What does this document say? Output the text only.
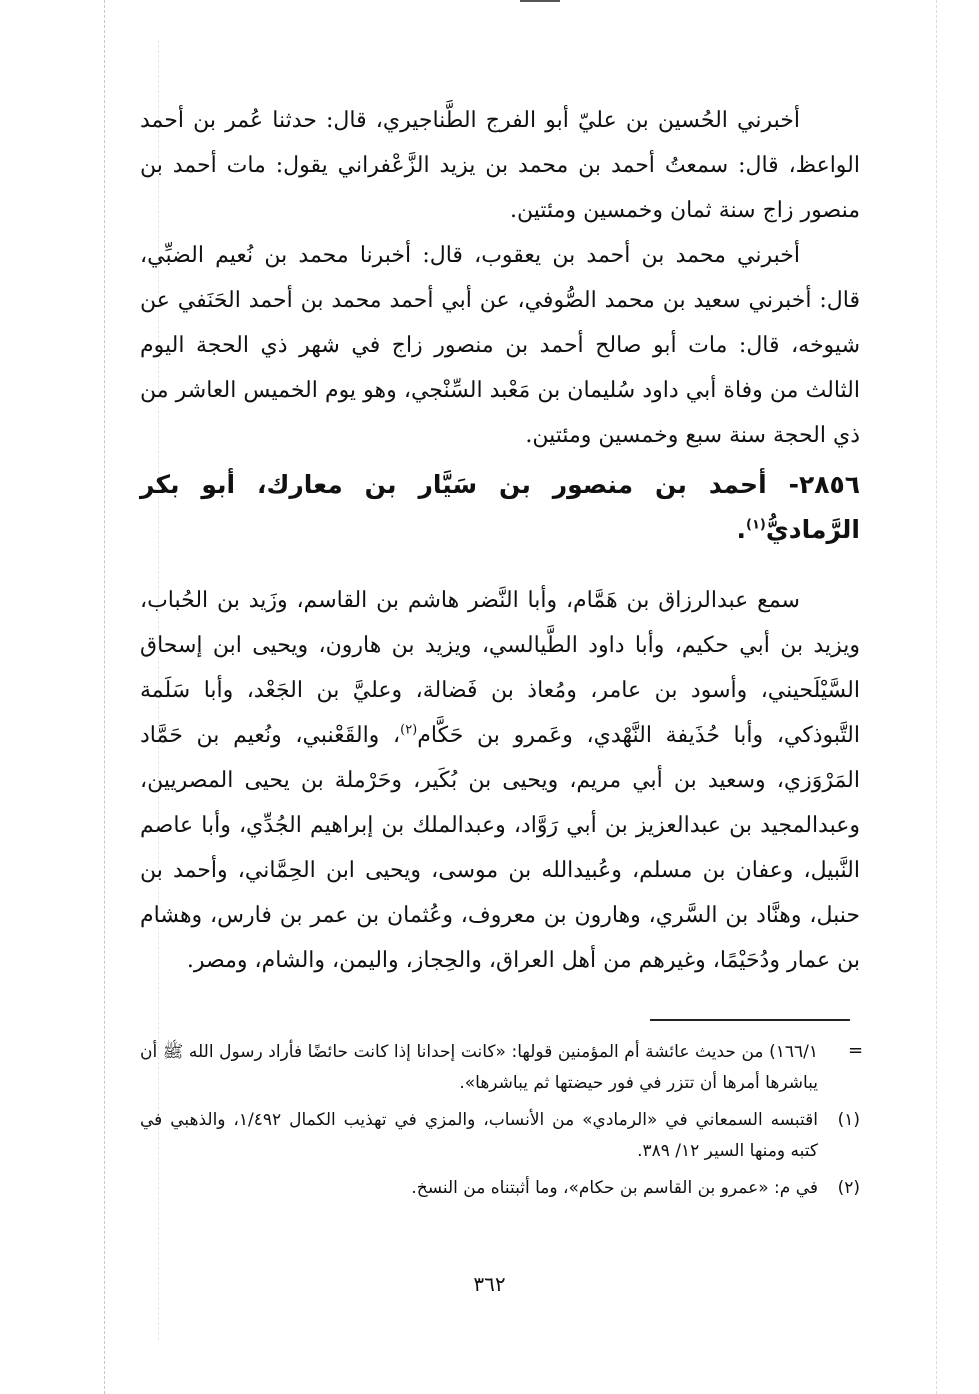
أخبرني الحُسين بن عليّ أبو الفرج الطَّناجيري، قال: حدثنا عُمر بن أحمد الواعظ، قال: سمعتُ أحمد بن محمد بن يزيد الزَّعْفراني يقول: مات أحمد بن منصور زاج سنة ثمان وخمسين ومئتين.

أخبرني محمد بن أحمد بن يعقوب، قال: أخبرنا محمد بن نُعيم الضبِّي، قال: أخبرني سعيد بن محمد الصُّوفي، عن أبي أحمد محمد بن أحمد الحَنَفي عن شيوخه، قال: مات أبو صالح أحمد بن منصور زاج في شهر ذي الحجة اليوم الثالث من وفاة أبي داود سُليمان بن مَعْبد السِّنْجي، وهو يوم الخميس العاشر من ذي الحجة سنة سبع وخمسين ومئتين.

٢٨٥٦- أحمد بن منصور بن سَيَّار بن معارك، أبو بكر الرَّماديُّ$^{(١)}$.

سمع عبدالرزاق بن هَمَّام، وأبا النَّضر هاشم بن القاسم، وزَيد بن الحُباب، ويزيد بن أبي حكيم، وأبا داود الطَّيالسي، ويزيد بن هارون، ويحيى ابن إسحاق السَّيْلَحيني، وأسود بن عامر، ومُعاذ بن فَضالة، وعليَّ بن الجَعْد، وأبا سَلَمة التَّبوذكي، وأبا حُذَيفة النَّهْدي، وعَمرو بن حَكَّام$^{(٢)}$، والقَعْنبي، ونُعيم بن حَمَّاد المَرْوَزي، وسعيد بن أبي مريم، ويحيى بن بُكَير، وحَرْملة بن يحيى المصريين، وعبدالمجيد بن عبدالعزيز بن أبي رَوَّاد، وعبدالملك بن إبراهيم الجُدِّي، وأبا عاصم النَّبيل، وعفان بن مسلم، وعُبيدالله بن موسى، ويحيى ابن الحِمَّاني، وأحمد بن حنبل، وهنَّاد بن السَّري، وهارون بن معروف، وعُثمان بن عمر بن فارس، وهشام بن عمار ودُحَيْمًا، وغيرهم من أهل العراق، والحِجاز، واليمن، والشام، ومصر.

=
١٦٦/١) من حديث عائشة أم المؤمنين قولها: «كانت إحدانا إذا كانت حائضًا فأراد رسول الله ﷺ أن يباشرها أمرها أن تتزر في فور حيضتها ثم يباشرها».
(١)
اقتبسه السمعاني في «الرمادي» من الأنساب، والمزي في تهذيب الكمال ١/٤٩٢، والذهبي في كتبه ومنها السير ١٢/ ٣٨٩.
(٢)
في م: «عمرو بن القاسم بن حكام»، وما أثبتناه من النسخ.
٣٦٢
